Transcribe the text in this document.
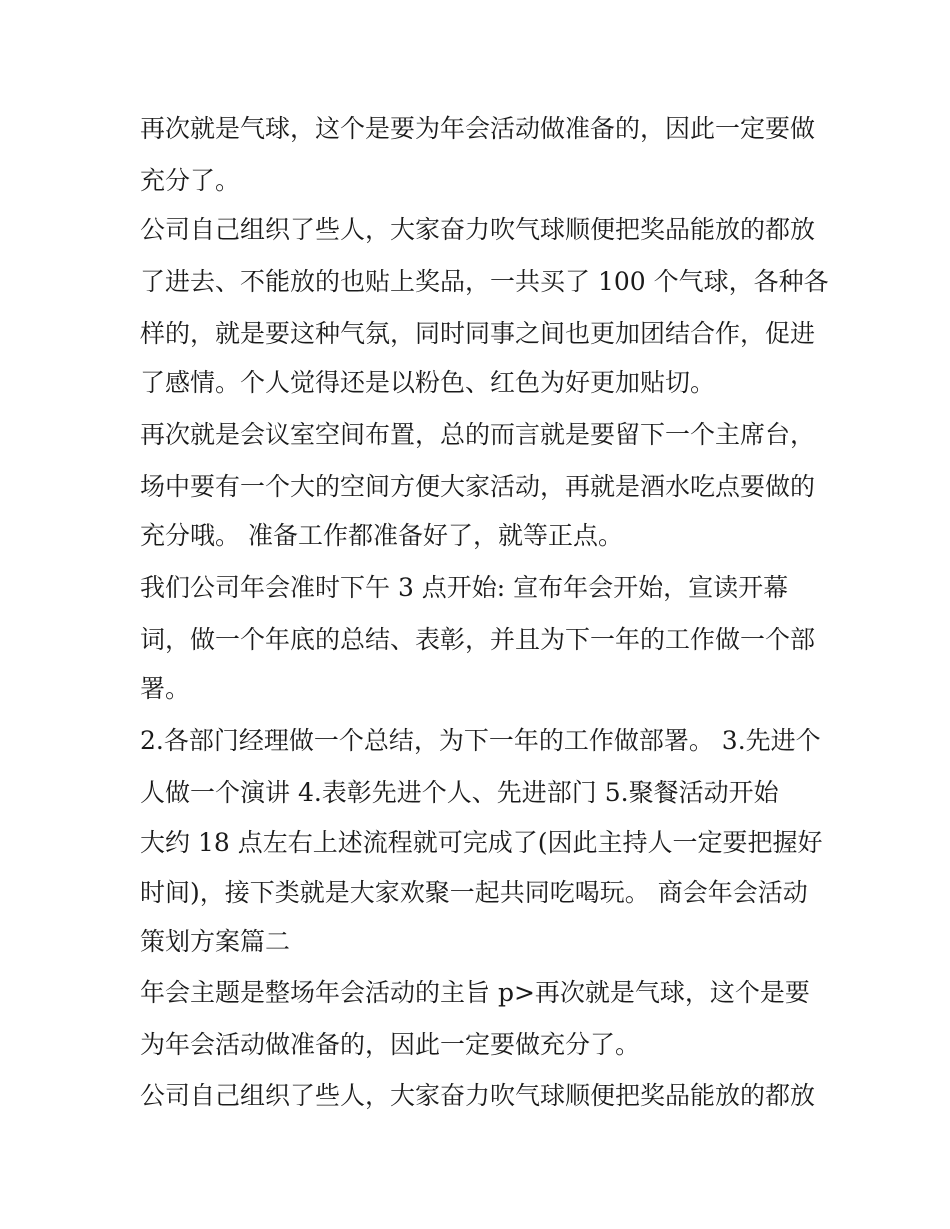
再次就是气球，这个是要为年会活动做准备的，因此一定要做

充分了。

公司自己组织了些人，大家奋力吹气球顺便把奖品能放的都放

了进去、不能放的也贴上奖品，一共买了 100 个气球，各种各

样的，就是要这种气氛，同时同事之间也更加团结合作，促进

了感情。个人觉得还是以粉色、红色为好更加贴切。

再次就是会议室空间布置，总的而言就是要留下一个主席台，

场中要有一个大的空间方便大家活动，再就是酒水吃点要做的

充分哦。 准备工作都准备好了，就等正点。

我们公司年会准时下午 3 点开始: 宣布年会开始，宣读开幕

词，做一个年底的总结、表彰，并且为下一年的工作做一个部

署。

2.各部门经理做一个总结，为下一年的工作做部署。 3.先进个

人做一个演讲 4.表彰先进个人、先进部门 5.聚餐活动开始

大约 18 点左右上述流程就可完成了(因此主持人一定要把握好

时间)，接下类就是大家欢聚一起共同吃喝玩。 商会年会活动

策划方案篇二

年会主题是整场年会活动的主旨 p>再次就是气球，这个是要

为年会活动做准备的，因此一定要做充分了。

公司自己组织了些人，大家奋力吹气球顺便把奖品能放的都放
